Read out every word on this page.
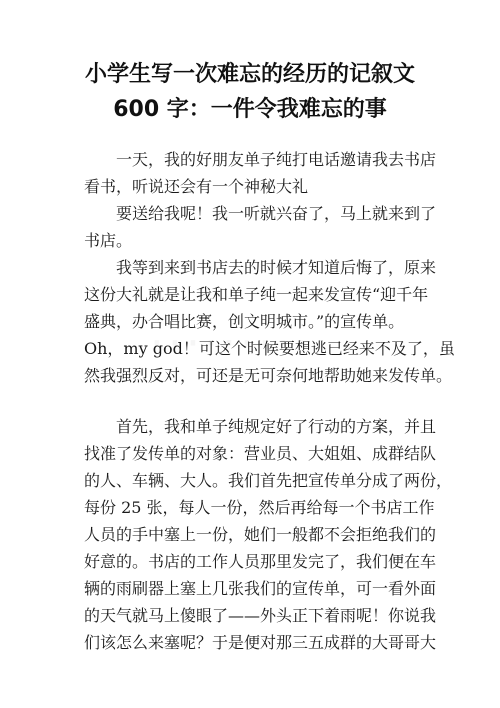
小学生写一次难忘的经历的记叙文
600 字：一件令我难忘的事

　　一天，我的好朋友单子纯打电话邀请我去书店

看书，听说还会有一个神秘大礼

　　要送给我呢！我一听就兴奋了，马上就来到了

书店。

　　我等到来到书店去的时候才知道后悔了，原来

这份大礼就是让我和单子纯一起来发宣传“迎千年

盛典，办合唱比赛，创文明城市。”的宣传单。

Oh，my god！可这个时候要想逃已经来不及了，虽

然我强烈反对，可还是无可奈何地帮助她来发传单。

　　首先，我和单子纯规定好了行动的方案，并且

找准了发传单的对象：营业员、大姐姐、成群结队

的人、车辆、大人。我们首先把宣传单分成了两份，

每份 25 张，每人一份，然后再给每一个书店工作

人员的手中塞上一份，她们一般都不会拒绝我们的

好意的。书店的工作人员那里发完了，我们便在车

辆的雨刷器上塞上几张我们的宣传单，可一看外面

的天气就马上傻眼了——外头正下着雨呢！你说我

们该怎么来塞呢？于是便对那三五成群的大哥哥大
